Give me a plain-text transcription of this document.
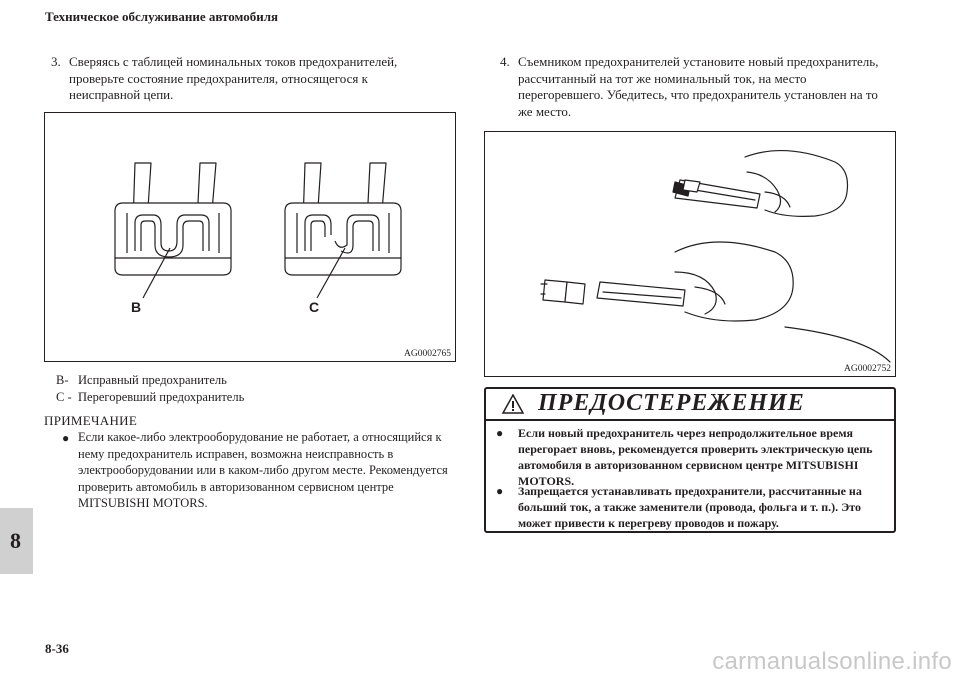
Техническое обслуживание автомобиля
3. Сверяясь с таблицей номинальных токов предохранителей, проверьте состояние предохранителя, относящегося к неисправной цепи.
B	C
AG0002765
B- Исправный предохранитель
C - Перегоревший предохранитель
ПРИМЕЧАНИЕ
● Если какое-либо электрооборудование не работает, а относящийся к нему предохранитель исправен, возможна неисправность в электрооборудовании или в каком-либо другом месте. Рекомендуется проверить автомобиль в авторизованном сервисном центре MITSUBISHI MOTORS.
4. Съемником предохранителей установите новый предохранитель, рассчитанный на тот же номинальный ток, на место перегоревшего. Убедитесь, что предохранитель установлен на то же место.
AG0002752
ПРЕДОСТЕРЕЖЕНИЕ
● Если новый предохранитель через непродолжительное время перегорает вновь, рекомендуется проверить электрическую цепь автомобиля в авторизованном сервисном центре MITSUBISHI MOTORS.
● Запрещается устанавливать предохранители, рассчитанные на больший ток, а также заменители (провода, фольга и т. п.). Это может привести к перегреву проводов и пожару.
8
8-36	carmanualsonline.info
